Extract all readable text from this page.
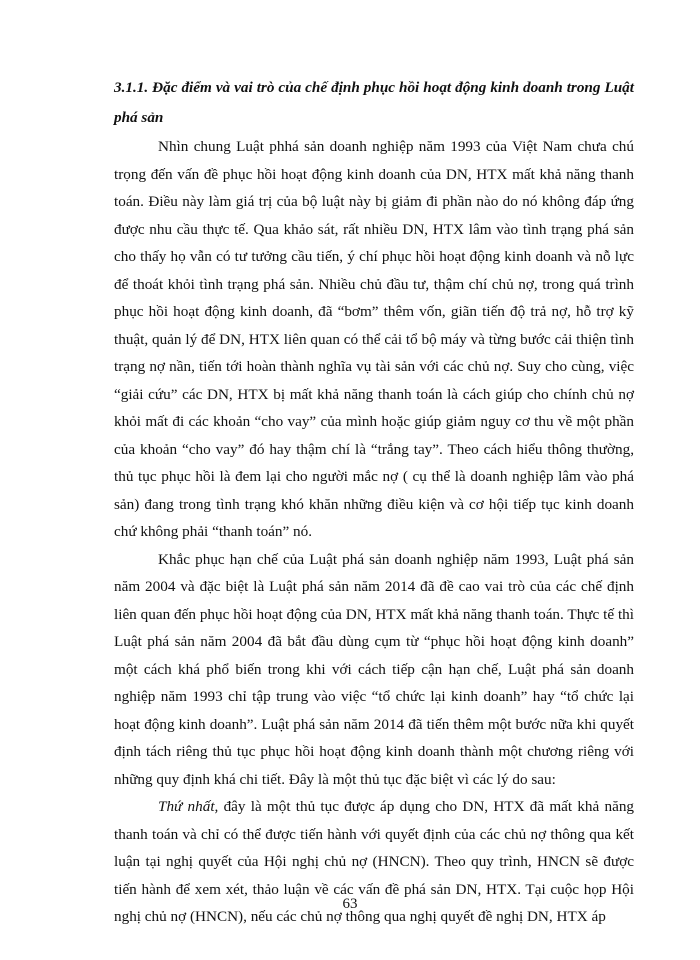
3.1.1. Đặc điểm và vai trò của chế định phục hồi hoạt động kinh doanh trong Luật phá sản

Nhìn chung Luật phhá sản doanh nghiệp năm 1993 của Việt Nam chưa chú trọng đến vấn đề phục hồi hoạt động kinh doanh của DN, HTX mất khả năng thanh toán. Điều này làm giá trị của bộ luật này bị giảm đi phần nào do nó không đáp ứng được nhu cầu thực tế. Qua khảo sát, rất nhiều DN, HTX lâm vào tình trạng phá sản cho thấy họ vẫn có tư tưởng cầu tiến, ý chí phục hồi hoạt động kinh doanh và nỗ lực để thoát khỏi tình trạng phá sản. Nhiều chủ đầu tư, thậm chí chủ nợ, trong quá trình phục hồi hoạt động kinh doanh, đã “bơm” thêm vốn, giãn tiến độ trả nợ, hỗ trợ kỹ thuật, quản lý để DN, HTX liên quan có thể cải tổ bộ máy và từng bước cải thiện tình trạng nợ nần, tiến tới hoàn thành nghĩa vụ tài sản với các chủ nợ. Suy cho cùng, việc “giải cứu” các DN, HTX bị mất khả năng thanh toán là cách giúp cho chính chủ nợ khỏi mất đi các khoản “cho vay” của mình hoặc giúp giảm nguy cơ thu về một phần của khoản “cho vay” đó hay thậm chí là “trắng tay”. Theo cách hiểu thông thường, thủ tục phục hồi là đem lại cho người mắc nợ ( cụ thể là doanh nghiệp lâm vào phá sản) đang trong tình trạng khó khăn những điều kiện và cơ hội tiếp tục kinh doanh chứ không phải “thanh toán” nó.

Khắc phục hạn chế của Luật phá sản doanh nghiệp năm 1993, Luật phá sản năm 2004 và đặc biệt là Luật phá sản năm 2014 đã đề cao vai trò của các chế định liên quan đến phục hồi hoạt động của DN, HTX mất khả năng thanh toán. Thực tế thì Luật phá sản năm 2004 đã bắt đầu dùng cụm từ “phục hồi hoạt động kinh doanh” một cách khá phổ biến trong khi với cách tiếp cận hạn chế, Luật phá sản doanh nghiệp năm 1993 chỉ tập trung vào việc “tổ chức lại kinh doanh” hay “tổ chức lại hoạt động kinh doanh”. Luật phá sản năm 2014 đã tiến thêm một bước nữa khi quyết định tách riêng thủ tục phục hồi hoạt động kinh doanh thành một chương riêng với những quy định khá chi tiết. Đây là một thủ tục đặc biệt vì các lý do sau:

Thứ nhất, đây là một thủ tục được áp dụng cho DN, HTX đã mất khả năng thanh toán và chỉ có thể được tiến hành với quyết định của các chủ nợ thông qua kết luận tại nghị quyết của Hội nghị chủ nợ (HNCN). Theo quy trình, HNCN sẽ được tiến hành để xem xét, thảo luận về các vấn đề phá sản DN, HTX. Tại cuộc họp Hội nghị chủ nợ (HNCN), nếu các chủ nợ thông qua nghị quyết đề nghị DN, HTX áp

63
